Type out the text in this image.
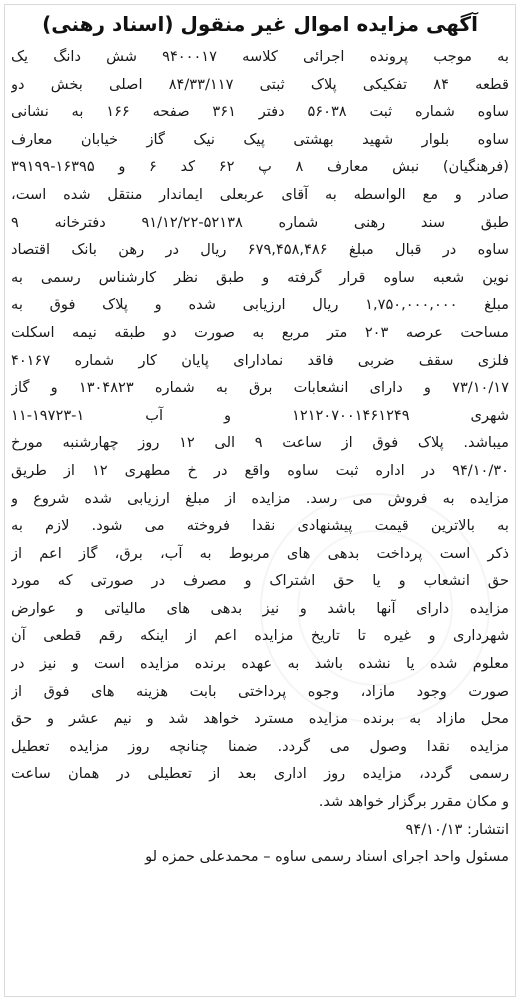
آگهی مزایده اموال غیر منقول (اسناد رهنی)
به موجب پرونده اجرائی کلاسه ۹۴۰۰۰۱۷ شش دانگ یک
قطعه ۸۴ تفکیکی پلاک ثبتی ۸۴/۳۳/۱۱۷ اصلی بخش دو
ساوه شماره ثبت ۵۶۰۳۸ دفتر ۳۶۱ صفحه ۱۶۶ به نشانی
ساوه بلوار شهید بهشتی پیک نیک گاز خیابان معارف
(فرهنگیان) نبش معارف ۸ پ ۶۲ کد ۶ و ۱۶۳۹۵-۳۹۱۹۹
صادر و مع الواسطه به آقای عربعلی ایماندار منتقل شده است،
طبق سند رهنی شماره ۵۲۱۳۸-۹۱/۱۲/۲۲ دفترخانه ۹
ساوه در قبال مبلغ ۶۷۹,۴۵۸,۴۸۶ ریال در رهن بانک اقتصاد
نوین شعبه ساوه قرار گرفته و طبق نظر کارشناس رسمی به
مبلغ ۱,۷۵۰,۰۰۰,۰۰۰ ریال ارزیابی شده و پلاک فوق به
مساحت عرصه ۲۰۳ متر مربع به صورت دو طبقه نیمه اسکلت
فلزی سقف ضربی فاقد نمادارای پایان کار شماره ۴۰۱۶۷
۷۳/۱۰/۱۷ و دارای انشعابات برق به شماره ۱۳۰۴۸۲۳ و گاز
شهری ۱۲۱۲۰۷۰۰۱۴۶۱۲۴۹ و آب ۱-۱۹۷۲۳-۱۱
میباشد. پلاک فوق از ساعت ۹ الی ۱۲ روز چهارشنبه مورخ
۹۴/۱۰/۳۰ در اداره ثبت ساوه واقع در خ مطهری ۱۲ از طریق
مزایده به فروش می رسد. مزایده از مبلغ ارزیابی شده شروع و
به بالاترین قیمت پیشنهادی نقدا فروخته می شود. لازم به
ذکر است پرداخت بدهی های مربوط به آب، برق، گاز اعم از
حق انشعاب و یا حق اشتراک و مصرف در صورتی که مورد
مزایده دارای آنها باشد و نیز بدهی های مالیاتی و عوارض
شهرداری و غیره تا تاریخ مزایده اعم از اینکه رقم قطعی آن
معلوم شده یا نشده باشد به عهده برنده مزایده است و نیز در
صورت وجود مازاد، وجوه پرداختی بابت هزینه های فوق از
محل مازاد به برنده مزایده مسترد خواهد شد و نیم عشر و حق
مزایده نقدا وصول می گردد. ضمنا چنانچه روز مزایده تعطیل
رسمی گردد، مزایده روز اداری بعد از تعطیلی در همان ساعت
و مکان مقرر برگزار خواهد شد.
انتشار: ۹۴/۱۰/۱۳
مسئول واحد اجرای اسناد رسمی ساوه – محمدعلی حمزه لو
